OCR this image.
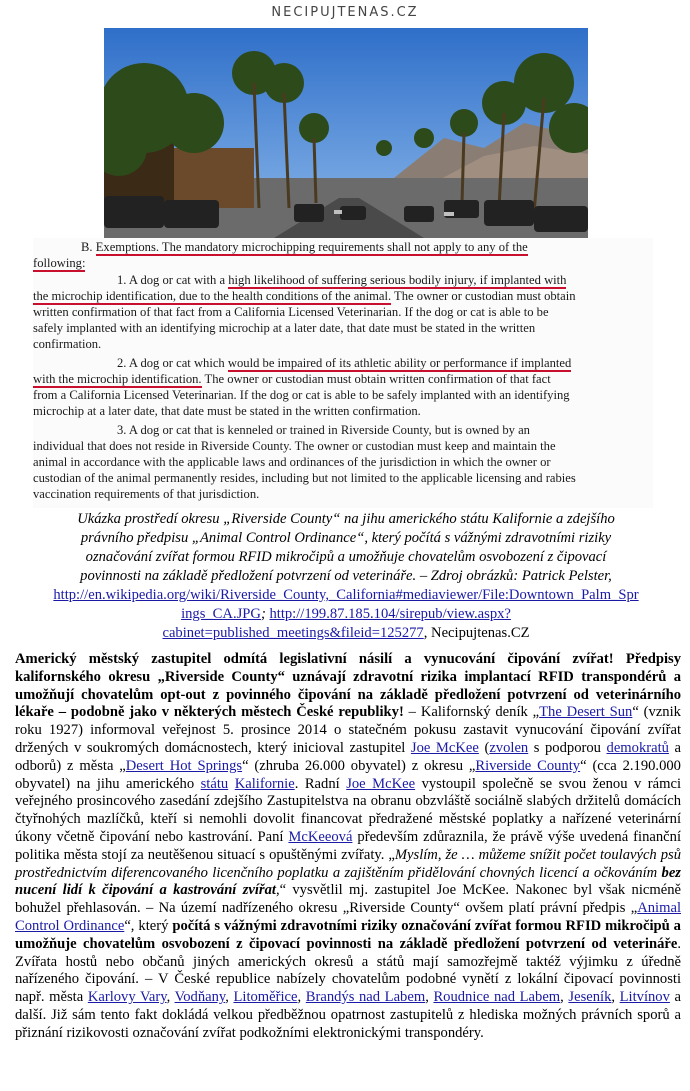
NECIPUJTENAS.CZ
B. Exemptions. The mandatory microchipping requirements shall not apply to any of the
following:
1. A dog or cat with a high likelihood of suffering serious bodily injury, if implanted with
the microchip identification, due to the health conditions of the animal. The owner or custodian must obtain
written confirmation of that fact from a California Licensed Veterinarian. If the dog or cat is able to be
safely implanted with an identifying microchip at a later date, that date must be stated in the written
confirmation.
2. A dog or cat which would be impaired of its athletic ability or performance if implanted
with the microchip identification. The owner or custodian must obtain written confirmation of that fact
from a California Licensed Veterinarian. If the dog or cat is able to be safely implanted with an identifying
microchip at a later date, that date must be stated in the written confirmation.
3. A dog or cat that is kenneled or trained in Riverside County, but is owned by an
individual that does not reside in Riverside County. The owner or custodian must keep and maintain the
animal in accordance with the applicable laws and ordinances of the jurisdiction in which the owner or
custodian of the animal permanently resides, including but not limited to the applicable licensing and rabies
vaccination requirements of that jurisdiction.
Ukázka prostředí okresu „Riverside County“ na jihu amerického státu Kalifornie a zdejšího
právního předpisu „Animal Control Ordinance“, který počítá s vážnými zdravotními riziky
označování zvířat formou RFID mikročipů a umožňuje chovatelům osvobození z čipovací
povinnosti na základě předložení potvrzení od veterináře. – Zdroj obrázků: Patrick Pelster,
http://en.wikipedia.org/wiki/Riverside_County,_California#mediaviewer/File:Downtown_Palm_Spr
ings_CA.JPG; http://199.87.185.104/sirepub/view.aspx?
cabinet=published_meetings&fileid=125277, Necipujtenas.CZ
Americký městský zastupitel odmítá legislativní násilí a vynucování čipování zvířat! Předpisy kalifornského okresu „Riverside County“ uznávají zdravotní rizika implantací RFID transpondérů a umožňují chovatelům opt-out z povinného čipování na základě předložení potvrzení od veterinárního lékaře – podobně jako v některých městech České republiky! – Kalifornský deník „The Desert Sun“ (vznik roku 1927) informoval veřejnost 5. prosince 2014 o statečném pokusu zastavit vynucování čipování zvířat držených v soukromých domácnostech, který inicioval zastupitel Joe McKee (zvolen s podporou demokratů a odborů) z města „Desert Hot Springs“ (zhruba 26.000 obyvatel) z okresu „Riverside County“ (cca 2.190.000 obyvatel) na jihu amerického státu Kalifornie. Radní Joe McKee vystoupil společně se svou ženou v rámci veřejného prosincového zasedání zdejšího Zastupitelstva na obranu obzvláště sociálně slabých držitelů domácích čtyřnohých mazlíčků, kteří si nemohli dovolit financovat předražené městské poplatky a nařízené veterinární úkony včetně čipování nebo kastrování. Paní McKeeová především zdůraznila, že právě výše uvedená finanční politika města stojí za neutěšenou situací s opuštěnými zvířaty. „Myslím, že … můžeme snížit počet toulavých psů prostřednictvím diferencovaného licenčního poplatku a zajištěním přidělování chovných licencí a očkováním bez nucení lidí k čipování a kastrování zvířat,“ vysvětlil mj. zastupitel Joe McKee. Nakonec byl však nicméně bohužel přehlasován. – Na území nadřízeného okresu „Riverside County“ ovšem platí právní předpis „Animal Control Ordinance“, který počítá s vážnými zdravotními riziky označování zvířat formou RFID mikročipů a umožňuje chovatelům osvobození z čipovací povinnosti na základě předložení potvrzení od veterináře. Zvířata hostů nebo občanů jiných amerických okresů a států mají samozřejmě taktéž výjimku z úředně nařízeného čipování. – V České republice nabízely chovatelům podobné vynětí z lokální čipovací povinnosti např. města Karlovy Vary, Vodňany, Litoměřice, Brandýs nad Labem, Roudnice nad Labem, Jeseník, Litvínov a další. Již sám tento fakt dokládá velkou předběžnou opatrnost zastupitelů z hlediska možných právních sporů a přiznání rizikovosti označování zvířat podkožními elektronickými transpondéry.
